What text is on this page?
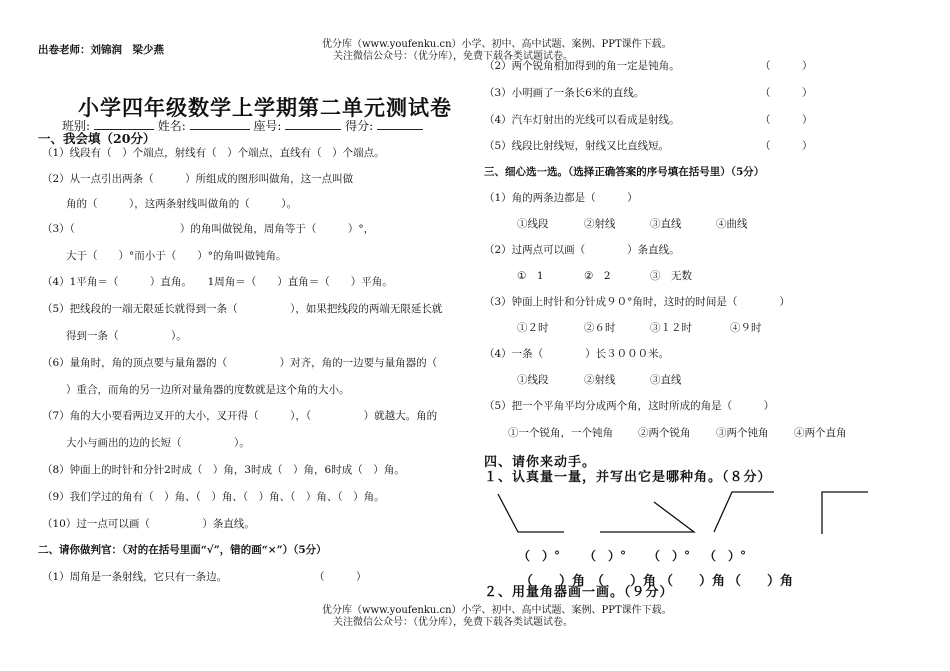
出卷老师：刘锦润　梁少燕	优分库（www.youfenku.cn）小学、初中、高中试题、案例、PPT课件下载。
关注微信公众号：（优分库），免费下载各类试题试卷。
小学四年级数学上学期第二单元测试卷
班别:	姓名:	座号:	得分:
一、我会填（20分）
（1）线段有（　）个端点，射线有（　）个端点，直线有（　）个端点。
（2）从一点引出两条（　　　）所组成的图形叫做角，这一点叫做
角的（　　　），这两条射线叫做角的（　　　）。
（3）（　　　　　　　　　　）的角叫做锐角，周角等于（　　　）°，
大于（　　）°而小于（　　）°的角叫做钝角。
（4）1平角＝（　　　）直角。　　1周角＝（　　）直角＝（　　）平角。
（5）把线段的一端无限延长就得到一条（　　　　　），如果把线段的两端无限延长就
得到一条（　　　　　）。
（6）量角时，角的顶点要与量角器的（　　　　　）对齐，角的一边要与量角器的（
）重合，而角的另一边所对量角器的度数就是这个角的大小。
（7）角的大小要看两边叉开的大小，叉开得（　　　），（　　　　　）就越大。角的
大小与画出的边的长短（　　　　　）。
（8）钟面上的时针和分针2时成（　）角，3时成（　）角，6时成（　）角。
（9）我们学过的角有（　）角、（　）角、（　）角、（　）角、（　）角。
（10）过一点可以画（　　　　　）条直线。
二、请你做判官：（对的在括号里面“√”，错的画“×”）（5分）
（1）周角是一条射线，它只有一条边。	（　　　）
（2）两个锐角相加得到的角一定是钝角。	（　　　）
（3）小明画了一条长6米的直线。	（　　　）
（4）汽车灯射出的光线可以看成是射线。	（　　　）
（5）线段比射线短，射线又比直线短。	（　　　）
三、细心选一选。（选择正确答案的序号填在括号里）（5分）
（1）角的两条边都是（　　　）
①线段	②射线	③直线	④曲线
（2）过两点可以画（　　　　）条直线。
①　1	②　2	③　无数
（3）钟面上时针和分针成９０°角时，这时的时间是（　　　　）
①２时	②６时	③１２时	④９时
（4）一条（　　　　）长３０００米。
①线段	②射线	③直线
（5）把一个平角平均分成两个角，这时所成的角是（　　　）
①一个锐角，一个钝角 ②两个锐角 ③两个钝角 ④两个直角
四、请你来动手。
１、认真量一量，并写出它是哪种角。（８分）
（　）° （　）° （　）° （　）°
（　　）角 （　　）角 （　　）角 （　　）角
２、用量角器画一画。（９分）
优分库（www.youfenku.cn）小学、初中、高中试题、案例、PPT课件下载。
关注微信公众号：（优分库），免费下载各类试题试卷。
